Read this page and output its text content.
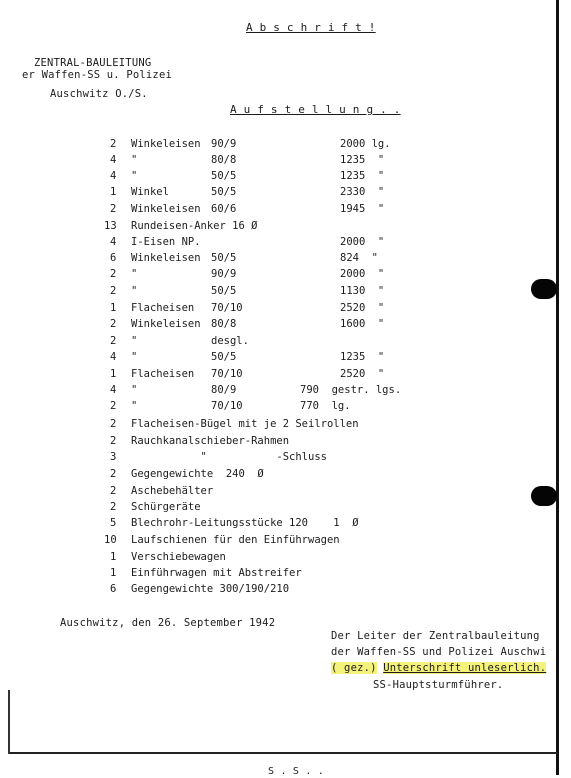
A b s c h r i f t !
ZENTRAL-BAULEITUNG
er Waffen-SS u. Polizei
Auschwitz O./S.
A u f s t e l l u n g . .
2 Winkeleisen 90/9	2000 lg.
4 "	80/8	1235  "
4 "	50/5	1235  "
1 Winkel	50/5	2330  "
2 Winkeleisen 60/6	1945  "
13 Rundeisen-Anker 16 Ø
4 I-Eisen NP.	2000  "
6 Winkeleisen 50/5	824  "
2 "	90/9	2000  "
2 "	50/5	1130  "
1 Flacheisen 70/10	2520  "
2 Winkeleisen 80/8	1600  "
2 "	desgl.
4 "	50/5	1235  "
1 Flacheisen 70/10	2520  "
4 "	80/9	790  gestr. lgs.
2 "	70/10	770  lg.
2 Flacheisen-Bügel mit je 2 Seilrollen
2 Rauchkanalschieber-Rahmen
3 "           -Schluss
2 Gegengewichte  240  Ø
2 Aschebehälter
2 Schürgeräte
5 Blechrohr-Leitungsstücke 120    1  Ø
10 Laufschienen für den Einführwagen
1 Verschiebewagen
1 Einführwagen mit Abstreifer
6 Gegengewichte 300/190/210
Auschwitz, den 26. September 1942
Der Leiter der Zentralbauleitung
der Waffen-SS und Polizei Auschwi
( gez.) Unterschrift unleserlich.
SS-Hauptsturmführer.
S . S . .
